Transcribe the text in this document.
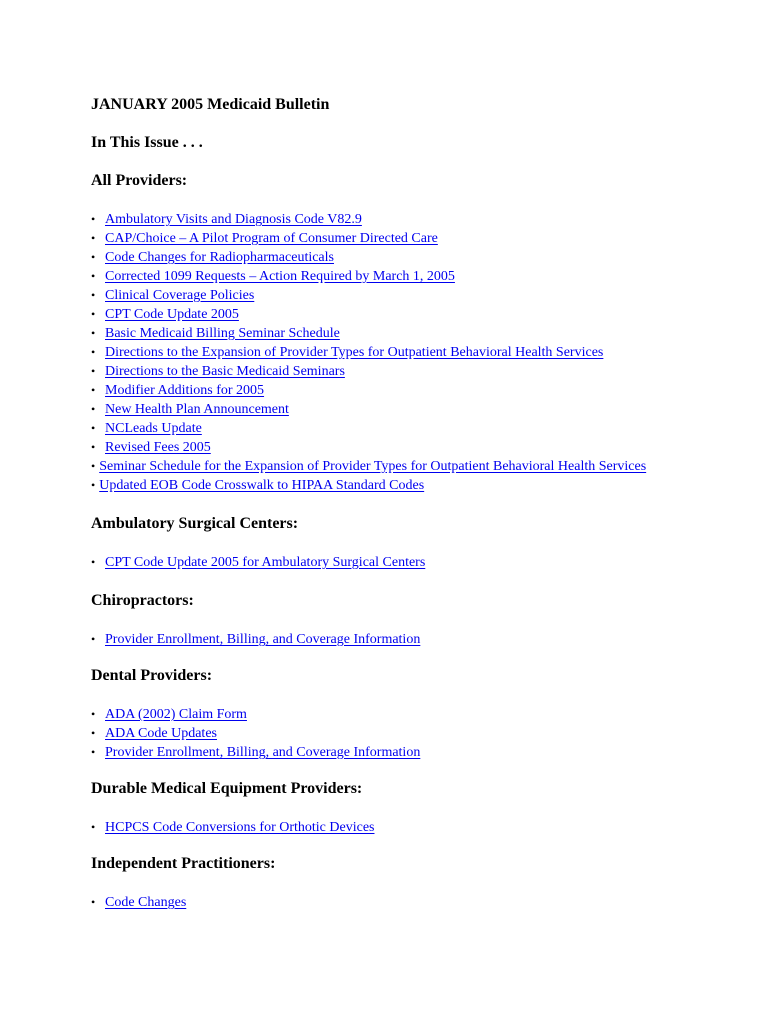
JANUARY 2005 Medicaid Bulletin
In This Issue . . .
All Providers:
• Ambulatory Visits and Diagnosis Code V82.9
• CAP/Choice – A Pilot Program of Consumer Directed Care
• Code Changes for Radiopharmaceuticals
• Corrected 1099 Requests – Action Required by March 1, 2005
• Clinical Coverage Policies
• CPT Code Update 2005
• Basic Medicaid Billing Seminar Schedule
• Directions to the Expansion of Provider Types for Outpatient Behavioral Health Services
• Directions to the Basic Medicaid Seminars
• Modifier Additions for 2005
• New Health Plan Announcement
• NCLeads Update
• Revised Fees 2005
• Seminar Schedule for the Expansion of Provider Types for Outpatient Behavioral Health Services
• Updated EOB Code Crosswalk to HIPAA Standard Codes
Ambulatory Surgical Centers:
• CPT Code Update 2005 for Ambulatory Surgical Centers
Chiropractors:
• Provider Enrollment, Billing, and Coverage Information
Dental Providers:
• ADA (2002) Claim Form
• ADA Code Updates
• Provider Enrollment, Billing, and Coverage Information
Durable Medical Equipment Providers:
• HCPCS Code Conversions for Orthotic Devices
Independent Practitioners:
• Code Changes
